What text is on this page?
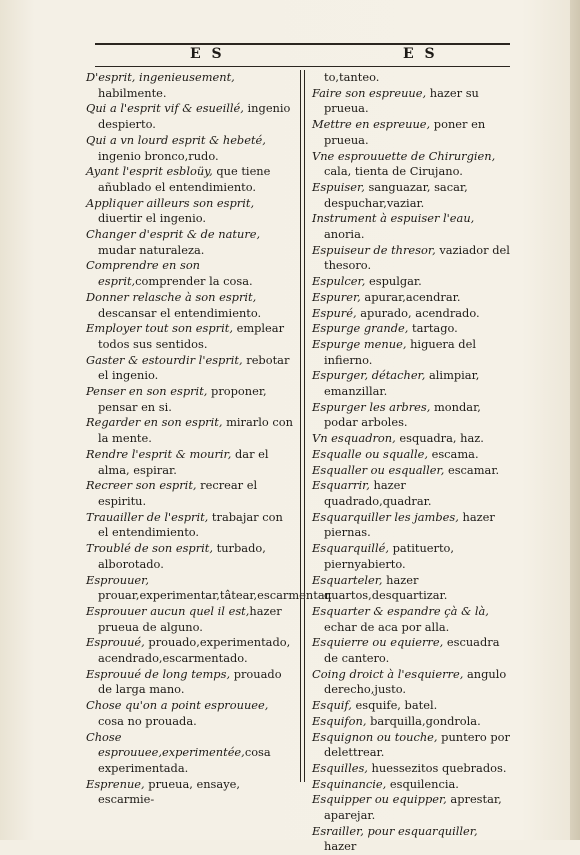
E S	E S

D'esprit, ingenieusement, habilmente.

Qui a l'esprit vif & esueillé, ingenio despierto.

Qui a vn lourd esprit & hebeté, ingenio bronco,rudo.

Ayant l'esprit esbloüy, que tiene añublado el entendimiento.

Appliquer ailleurs son esprit, diuertir el ingenio.

Changer d'esprit & de nature, mudar naturaleza.

Comprendre en son esprit,comprender la cosa.

Donner relasche à son esprit, descansar el entendimiento.

Employer tout son esprit, emplear todos sus sentidos.

Gaster & estourdir l'esprit, rebotar el ingenio.

Penser en son esprit, proponer, pensar en si.

Regarder en son esprit, mirarlo con la mente.

Rendre l'esprit & mourir, dar el alma, espirar.

Recreer son esprit, recrear el espiritu.

Trauailler de l'esprit, trabajar con el entendimiento.

Troublé de son esprit, turbado, alborotado.

Esprouuer, prouar,experimentar,tâtear,escarmentar.

Esprouuer aucun quel il est,hazer prueua de alguno.

Esprouué, prouado,experimentado, acendrado,escarmentado.

Esprouué de long temps, prouado de larga mano.

Chose qu'on a point esprouuee, cosa no prouada.

Chose esprouuee,experimentée,cosa experimentada.

Esprenue, prueua, ensaye, escarmie-

to,tanteo.

Faire son espreuue, hazer su prueua.

Mettre en espreuue, poner en prueua.

Vne esprouuette de Chirurgien, cala, tienta de Cirujano.

Espuiser, sanguazar, sacar, despuchar,vaziar.

Instrument à espuiser l'eau, anoria.

Espuiseur de thresor, vaziador del thesoro.

Espulcer, espulgar.

Espurer, apurar,acendrar.

Espuré, apurado, acendrado.

Espurge grande, tartago.

Espurge menue, higuera del infierno.

Espurger, détacher, alimpiar, emanzillar.

Espurger les arbres, mondar, podar arboles.

Vn esquadron, esquadra, haz.

Esqualle ou squalle, escama.

Esqualler ou esqualler, escamar.

Esquarrir, hazer quadrado,quadrar.

Esquarquiller les jambes, hazer piernas.

Esquarquillé, patituerto, piernyabierto.

Esquarteler, hazer quartos,desquartizar.

Esquarter & espandre çà & là, echar de aca por alla.

Esquierre ou equierre, escuadra de cantero.

Coing droict à l'esquierre, angulo derecho,justo.

Esquif, esquife, batel.

Esquifon, barquilla,gondrola.

Esquignon ou touche, puntero por delettrear.

Esquilles, huessezitos quebrados.

Esquinancie, esquilencia.

Esquipper ou equipper, aprestar, aparejar.

Esrailler, pour esquarquiller, hazer
